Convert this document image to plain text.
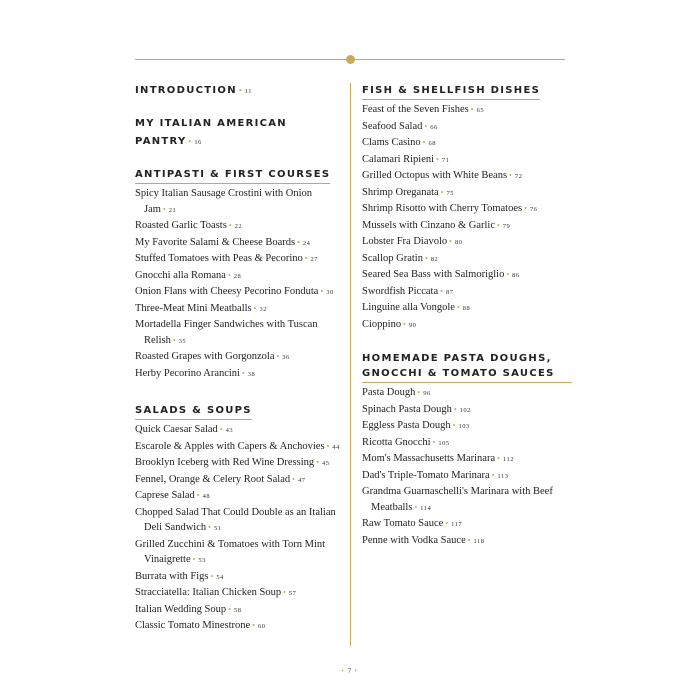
INTRODUCTION • 11
MY ITALIAN AMERICAN PANTRY • 16
ANTIPASTI & FIRST COURSES
Spicy Italian Sausage Crostini with Onion Jam • 21
Roasted Garlic Toasts • 22
My Favorite Salami & Cheese Boards • 24
Stuffed Tomatoes with Peas & Pecorino • 27
Gnocchi alla Romana • 28
Onion Flans with Cheesy Pecorino Fonduta • 30
Three-Meat Mini Meatballs • 32
Mortadella Finger Sandwiches with Tuscan Relish • 35
Roasted Grapes with Gorgonzola • 36
Herby Pecorino Arancini • 38
SALADS & SOUPS
Quick Caesar Salad • 43
Escarole & Apples with Capers & Anchovies • 44
Brooklyn Iceberg with Red Wine Dressing • 45
Fennel, Orange & Celery Root Salad • 47
Caprese Salad • 48
Chopped Salad That Could Double as an Italian Deli Sandwich • 51
Grilled Zucchini & Tomatoes with Torn Mint Vinaigrette • 53
Burrata with Figs • 54
Stracciatella: Italian Chicken Soup • 57
Italian Wedding Soup • 58
Classic Tomato Minestrone • 60
FISH & SHELLFISH DISHES
Feast of the Seven Fishes • 65
Seafood Salad • 66
Clams Casino • 68
Calamari Ripieni • 71
Grilled Octopus with White Beans • 72
Shrimp Oreganata • 75
Shrimp Risotto with Cherry Tomatoes • 76
Mussels with Cinzano & Garlic • 79
Lobster Fra Diavolo • 80
Scallop Gratin • 82
Seared Sea Bass with Salmoriglio • 86
Swordfish Piccata • 87
Linguine alla Vongole • 88
Cioppino • 90
HOMEMADE PASTA DOUGHS, GNOCCHI & TOMATO SAUCES
Pasta Dough • 96
Spinach Pasta Dough • 102
Eggless Pasta Dough • 103
Ricotta Gnocchi • 105
Mom's Massachusetts Marinara • 112
Dad's Triple-Tomato Marinara • 113
Grandma Guarnaschelli's Marinara with Beef Meatballs • 114
Raw Tomato Sauce • 117
Penne with Vodka Sauce • 118
• 7 •
